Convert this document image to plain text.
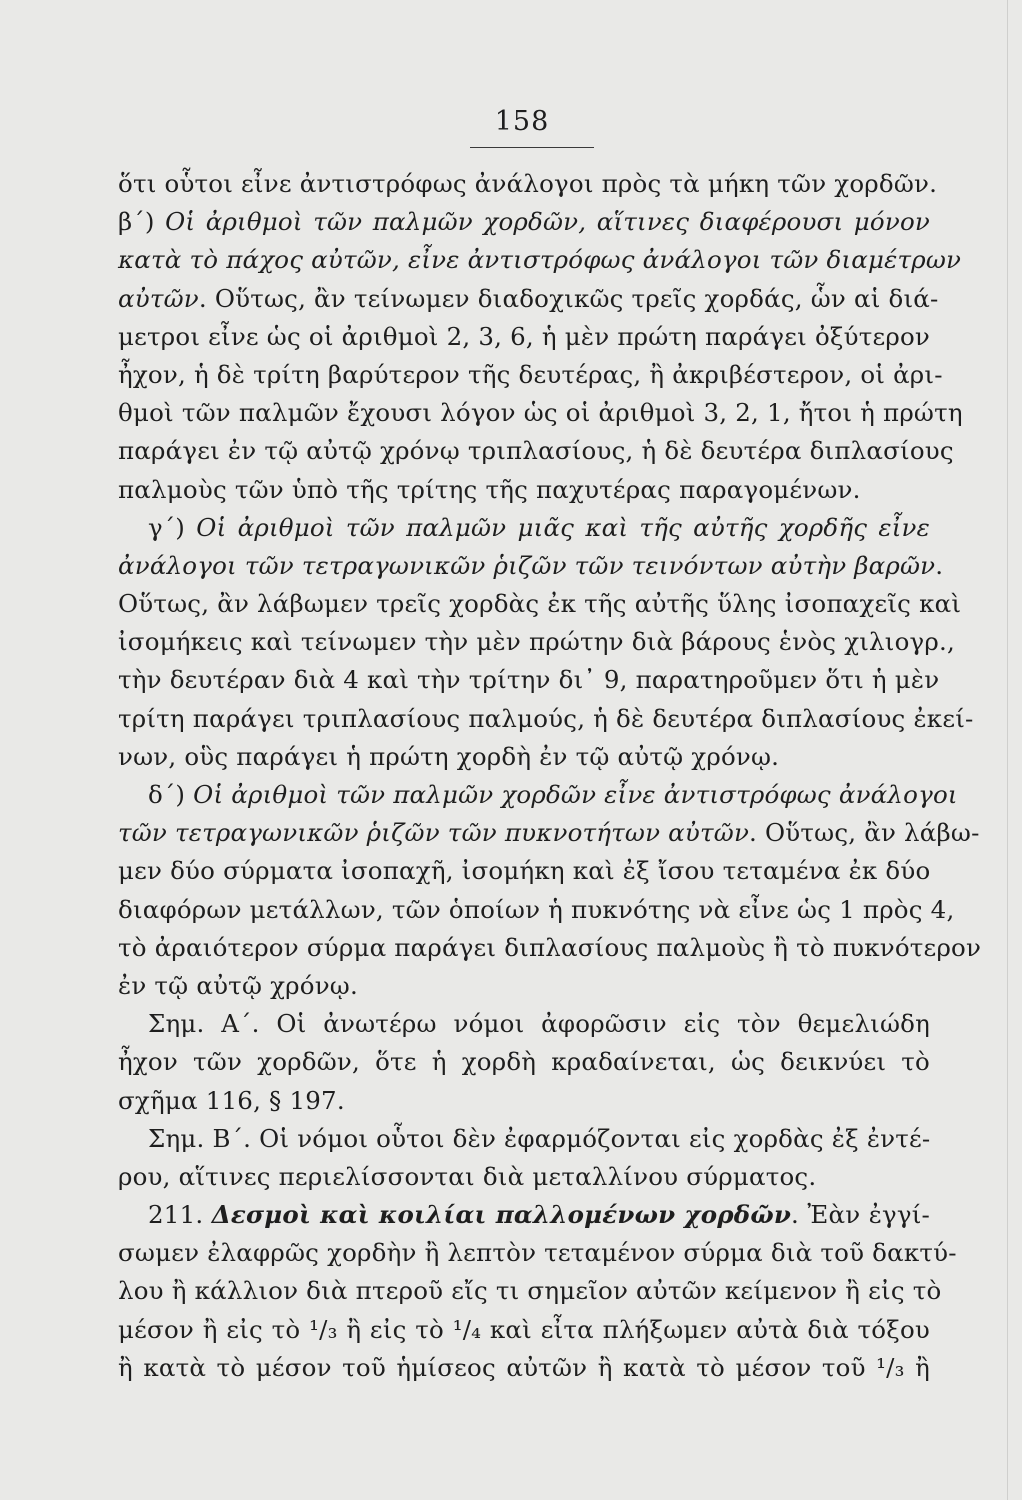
158
ὅτι οὗτοι εἶνε ἀντιστρόφως ἀνάλογοι πρὸς τὰ μήκη τῶν χορδῶν.
β΄) Οἱ ἀριθμοὶ τῶν παλμῶν χορδῶν, αἵτινες διαφέρουσι μόνον
κατὰ τὸ πάχος αὐτῶν, εἶνε ἀντιστρόφως ἀνάλογοι τῶν διαμέτρων
αὐτῶν. Οὕτως, ἂν τείνωμεν διαδοχικῶς τρεῖς χορδάς, ὧν αἱ διά-
μετροι εἶνε ὡς οἱ ἀριθμοὶ 2, 3, 6, ἡ μὲν πρώτη παράγει ὀξύτερον
ἦχον, ἡ δὲ τρίτη βαρύτερον τῆς δευτέρας, ἢ ἀκριβέστερον, οἱ ἀρι-
θμοὶ τῶν παλμῶν ἔχουσι λόγον ὡς οἱ ἀριθμοὶ 3, 2, 1, ἤτοι ἡ πρώτη
παράγει ἐν τῷ αὐτῷ χρόνῳ τριπλασίους, ἡ δὲ δευτέρα διπλασίους
παλμοὺς τῶν ὑπὸ τῆς τρίτης τῆς παχυτέρας παραγομένων.
γ΄) Οἱ ἀριθμοὶ τῶν παλμῶν μιᾶς καὶ τῆς αὐτῆς χορδῆς εἶνε
ἀνάλογοι τῶν τετραγωνικῶν ῥιζῶν τῶν τεινόντων αὐτὴν βαρῶν.
Οὕτως, ἂν λάβωμεν τρεῖς χορδὰς ἐκ τῆς αὐτῆς ὕλης ἰσοπαχεῖς καὶ
ἰσομήκεις καὶ τείνωμεν τὴν μὲν πρώτην διὰ βάρους ἑνὸς χιλιογρ.,
τὴν δευτέραν διὰ 4 καὶ τὴν τρίτην δι᾽ 9, παρατηροῦμεν ὅτι ἡ μὲν
τρίτη παράγει τριπλασίους παλμούς, ἡ δὲ δευτέρα διπλασίους ἐκεί-
νων, οὓς παράγει ἡ πρώτη χορδὴ ἐν τῷ αὐτῷ χρόνῳ.
δ΄) Οἱ ἀριθμοὶ τῶν παλμῶν χορδῶν εἶνε ἀντιστρόφως ἀνάλογοι
τῶν τετραγωνικῶν ῥιζῶν τῶν πυκνοτήτων αὐτῶν. Οὕτως, ἂν λάβω-
μεν δύο σύρματα ἰσοπαχῆ, ἰσομήκη καὶ ἐξ ἴσου τεταμένα ἐκ δύο
διαφόρων μετάλλων, τῶν ὁποίων ἡ πυκνότης νὰ εἶνε ὡς 1 πρὸς 4,
τὸ ἀραιότερον σύρμα παράγει διπλασίους παλμοὺς ἢ τὸ πυκνότερον
ἐν τῷ αὐτῷ χρόνῳ.
Σημ. Α΄. Οἱ ἀνωτέρω νόμοι ἀφορῶσιν εἰς τὸν θεμελιώδη
ἦχον τῶν χορδῶν, ὅτε ἡ χορδὴ κραδαίνεται, ὡς δεικνύει τὸ
σχῆμα 116, § 197.
Σημ. Β΄. Οἱ νόμοι οὗτοι δὲν ἐφαρμόζονται εἰς χορδὰς ἐξ ἐντέ-
ρου, αἵτινες περιελίσσονται διὰ μεταλλίνου σύρματος.
211. Δεσμοὶ καὶ κοιλίαι παλλομένων χορδῶν. Ἐὰν ἐγγί-
σωμεν ἐλαφρῶς χορδὴν ἢ λεπτὸν τεταμένον σύρμα διὰ τοῦ δακτύ-
λου ἢ κάλλιον διὰ πτεροῦ εἴς τι σημεῖον αὐτῶν κείμενον ἢ εἰς τὸ
μέσον ἢ εἰς τὸ ¹/₃ ἢ εἰς τὸ ¹/₄ καὶ εἶτα πλήξωμεν αὐτὰ διὰ τόξου
ἢ κατὰ τὸ μέσον τοῦ ἡμίσεος αὐτῶν ἢ κατὰ τὸ μέσον τοῦ ¹/₃ ἢ
